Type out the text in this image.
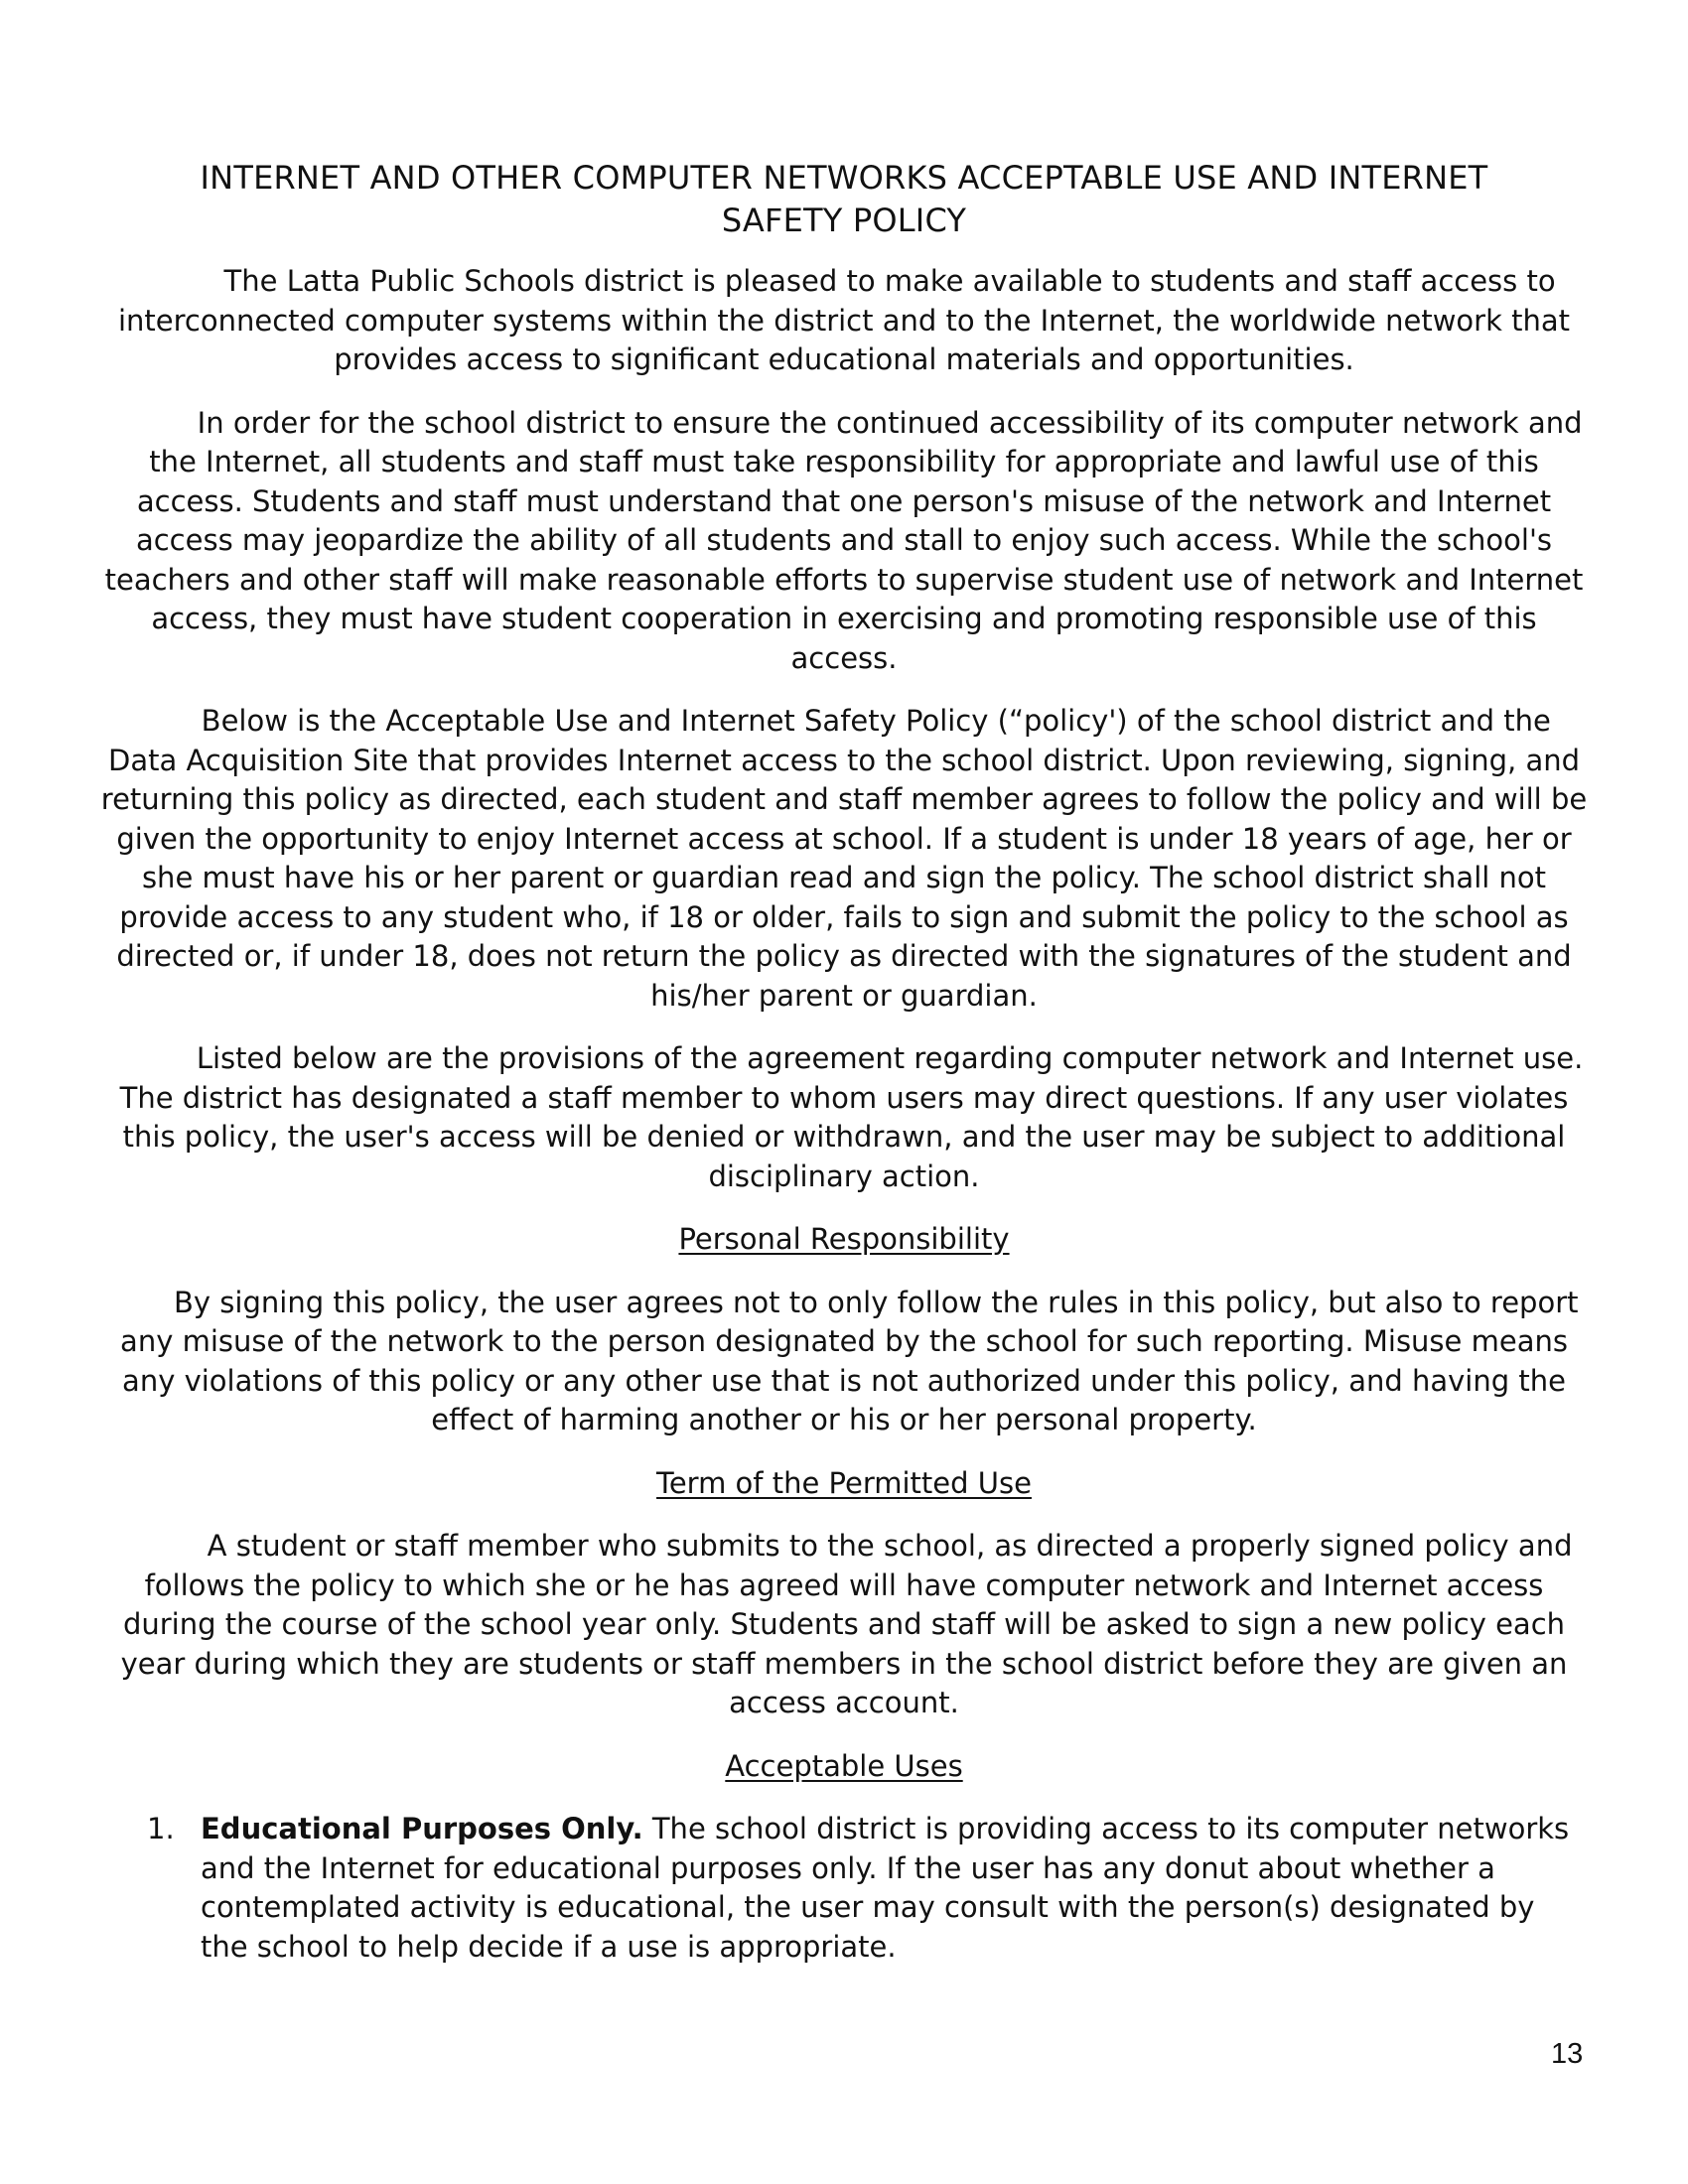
INTERNET AND OTHER COMPUTER NETWORKS ACCEPTABLE USE AND INTERNET
SAFETY POLICY

The Latta Public Schools district is pleased to make available to students and staff access to interconnected computer systems within the district and to the Internet, the worldwide network that provides access to significant educational materials and opportunities.

In order for the school district to ensure the continued accessibility of its computer network and the Internet, all students and staff must take responsibility for appropriate and lawful use of this access. Students and staff must understand that one person's misuse of the network and Internet access may jeopardize the ability of all students and stall to enjoy such access. While the school's teachers and other staff will make reasonable efforts to supervise student use of network and Internet access, they must have student cooperation in exercising and promoting responsible use of this access.

Below is the Acceptable Use and Internet Safety Policy (“policy') of the school district and the Data Acquisition Site that provides Internet access to the school district. Upon reviewing, signing, and returning this policy as directed, each student and staff member agrees to follow the policy and will be given the opportunity to enjoy Internet access at school. If a student is under 18 years of age, her or she must have his or her parent or guardian read and sign the policy. The school district shall not provide access to any student who, if 18 or older, fails to sign and submit the policy to the school as directed or, if under 18, does not return the policy as directed with the signatures of the student and his/her parent or guardian.

Listed below are the provisions of the agreement regarding computer network and Internet use. The district has designated a staff member to whom users may direct questions. If any user violates this policy, the user's access will be denied or withdrawn, and the user may be subject to additional disciplinary action.

Personal Responsibility

By signing this policy, the user agrees not to only follow the rules in this policy, but also to report any misuse of the network to the person designated by the school for such reporting. Misuse means any violations of this policy or any other use that is not authorized under this policy, and having the effect of harming another or his or her personal property.

Term of the Permitted Use

A student or staff member who submits to the school, as directed a properly signed policy and follows the policy to which she or he has agreed will have computer network and Internet access during the course of the school year only. Students and staff will be asked to sign a new policy each year during which they are students or staff members in the school district before they are given an access account.

Acceptable Uses
1. Educational Purposes Only. The school district is providing access to its computer networks and the Internet for educational purposes only. If the user has any donut about whether a contemplated activity is educational, the user may consult with the person(s) designated by the school to help decide if a use is appropriate.
13
